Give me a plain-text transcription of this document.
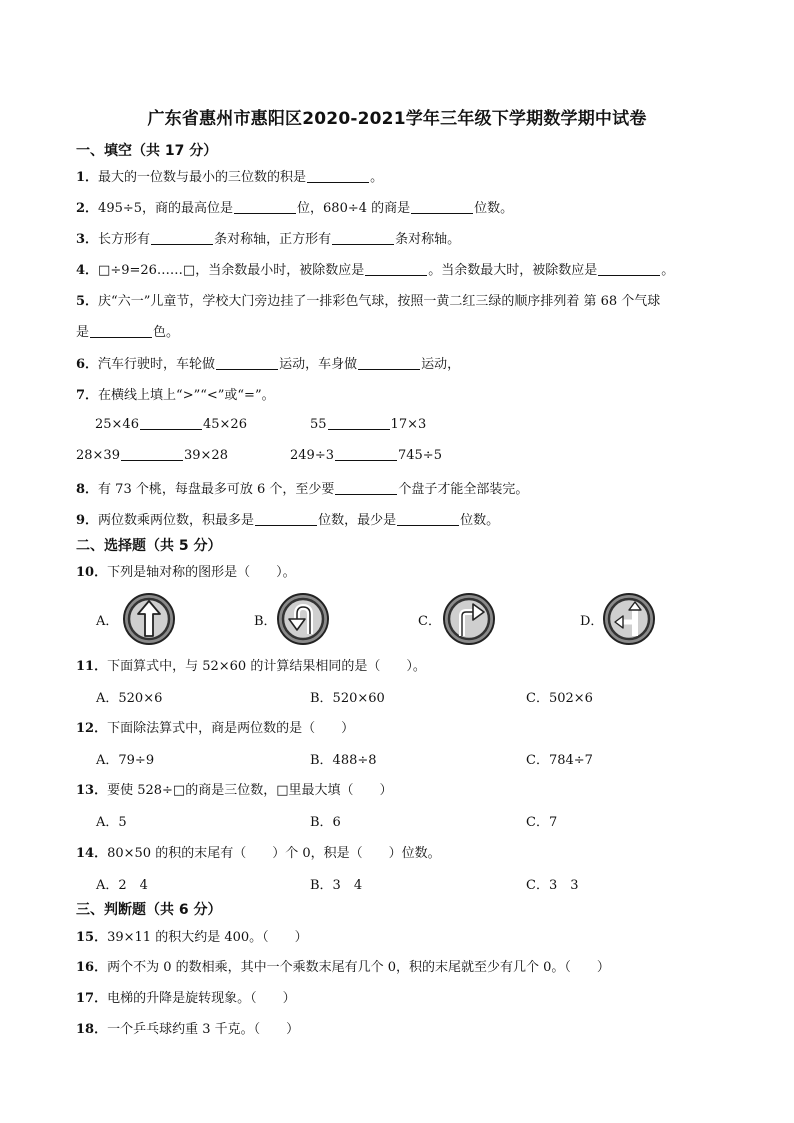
广东省惠州市惠阳区2020-2021学年三年级下学期数学期中试卷
一、填空（共 17 分）
1．最大的一位数与最小的三位数的积是	。
2．495÷5，商的最高位是	位，680÷4 的商是	位数。
3．长方形有	条对称轴，正方形有	条对称轴。
4．□÷9=26……□，当余数最小时，被除数应是	。当余数最大时，被除数应是	。
5．庆“六一”儿童节，学校大门旁边挂了一排彩色气球，按照一黄二红三绿的顺序排列着 第 68 个气球
是	色。
6．汽车行驶时，车轮做	运动，车身做	运动，
7．在横线上填上“>”“<”或“=”。
25×46	45×26	55	17×3
28×39	39×28	249÷3	745÷5
8．有 73 个桃，每盘最多可放 6 个，至少要	个盘子才能全部装完。
9．两位数乘两位数，积最多是	位数，最少是	位数。
二、选择题（共 5 分）
10．下列是轴对称的图形是（　　）。
A．	B．	C．	D．
11．下面算式中，与 52×60 的计算结果相同的是（　　）。
A．520×6	B．520×60	C．502×6
12．下面除法算式中，商是两位数的是（　　）
A．79÷9	B．488÷8	C．784÷7
13．要使 528÷□的商是三位数，□里最大填（　　）
A．5	B．6	C．7
14．80×50 的积的末尾有（　　）个 0，积是（　　）位数。
A．2　4	B．3　4	C．3　3
三、判断题（共 6 分）
15．39×11 的积大约是 400。（　　）
16．两个不为 0 的数相乘，其中一个乘数末尾有几个 0，积的末尾就至少有几个 0。（　　）
17．电梯的升降是旋转现象。（　　）
18．一个乒乓球约重 3 千克。（　　）
